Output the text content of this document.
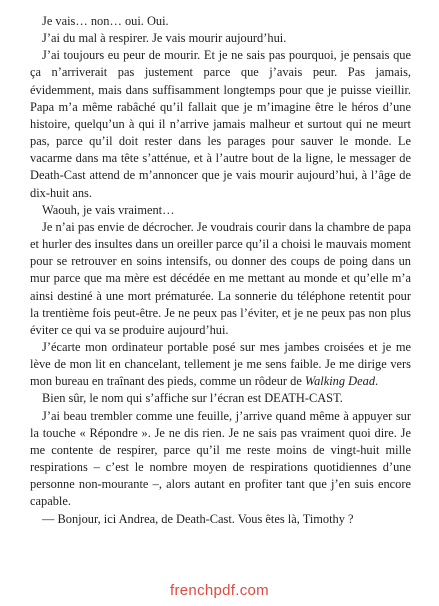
Je vais… non… oui. Oui.

J’ai du mal à respirer. Je vais mourir aujourd’hui.

J’ai toujours eu peur de mourir. Et je ne sais pas pourquoi, je pensais que ça n’arriverait pas justement parce que j’avais peur. Pas jamais, évidemment, mais dans suffisamment longtemps pour que je puisse vieillir. Papa m’a même rabâché qu’il fallait que je m’imagine être le héros d’une histoire, quelqu’un à qui il n’arrive jamais malheur et surtout qui ne meurt pas, parce qu’il doit rester dans les parages pour sauver le monde. Le vacarme dans ma tête s’atténue, et à l’autre bout de la ligne, le messager de Death-Cast attend de m’annoncer que je vais mourir aujourd’hui, à l’âge de dix-huit ans.

Waouh, je vais vraiment…

Je n’ai pas envie de décrocher. Je voudrais courir dans la chambre de papa et hurler des insultes dans un oreiller parce qu’il a choisi le mauvais moment pour se retrouver en soins intensifs, ou donner des coups de poing dans un mur parce que ma mère est décédée en me mettant au monde et qu’elle m’a ainsi destiné à une mort prématurée. La sonnerie du téléphone retentit pour la trentième fois peut-être. Je ne peux pas l’éviter, et je ne peux pas non plus éviter ce qui va se produire aujourd’hui.

J’écarte mon ordinateur portable posé sur mes jambes croisées et je me lève de mon lit en chancelant, tellement je me sens faible. Je me dirige vers mon bureau en traînant des pieds, comme un rôdeur de Walking Dead.

Bien sûr, le nom qui s’affiche sur l’écran est DEATH-CAST.

J’ai beau trembler comme une feuille, j’arrive quand même à appuyer sur la touche « Répondre ». Je ne dis rien. Je ne sais pas vraiment quoi dire. Je me contente de respirer, parce qu’il me reste moins de vingt-huit mille respirations – c’est le nombre moyen de respirations quotidiennes d’une personne non-mourante –, alors autant en profiter tant que j’en suis encore capable.

— Bonjour, ici Andrea, de Death-Cast. Vous êtes là, Timothy ?

frenchpdf.com
